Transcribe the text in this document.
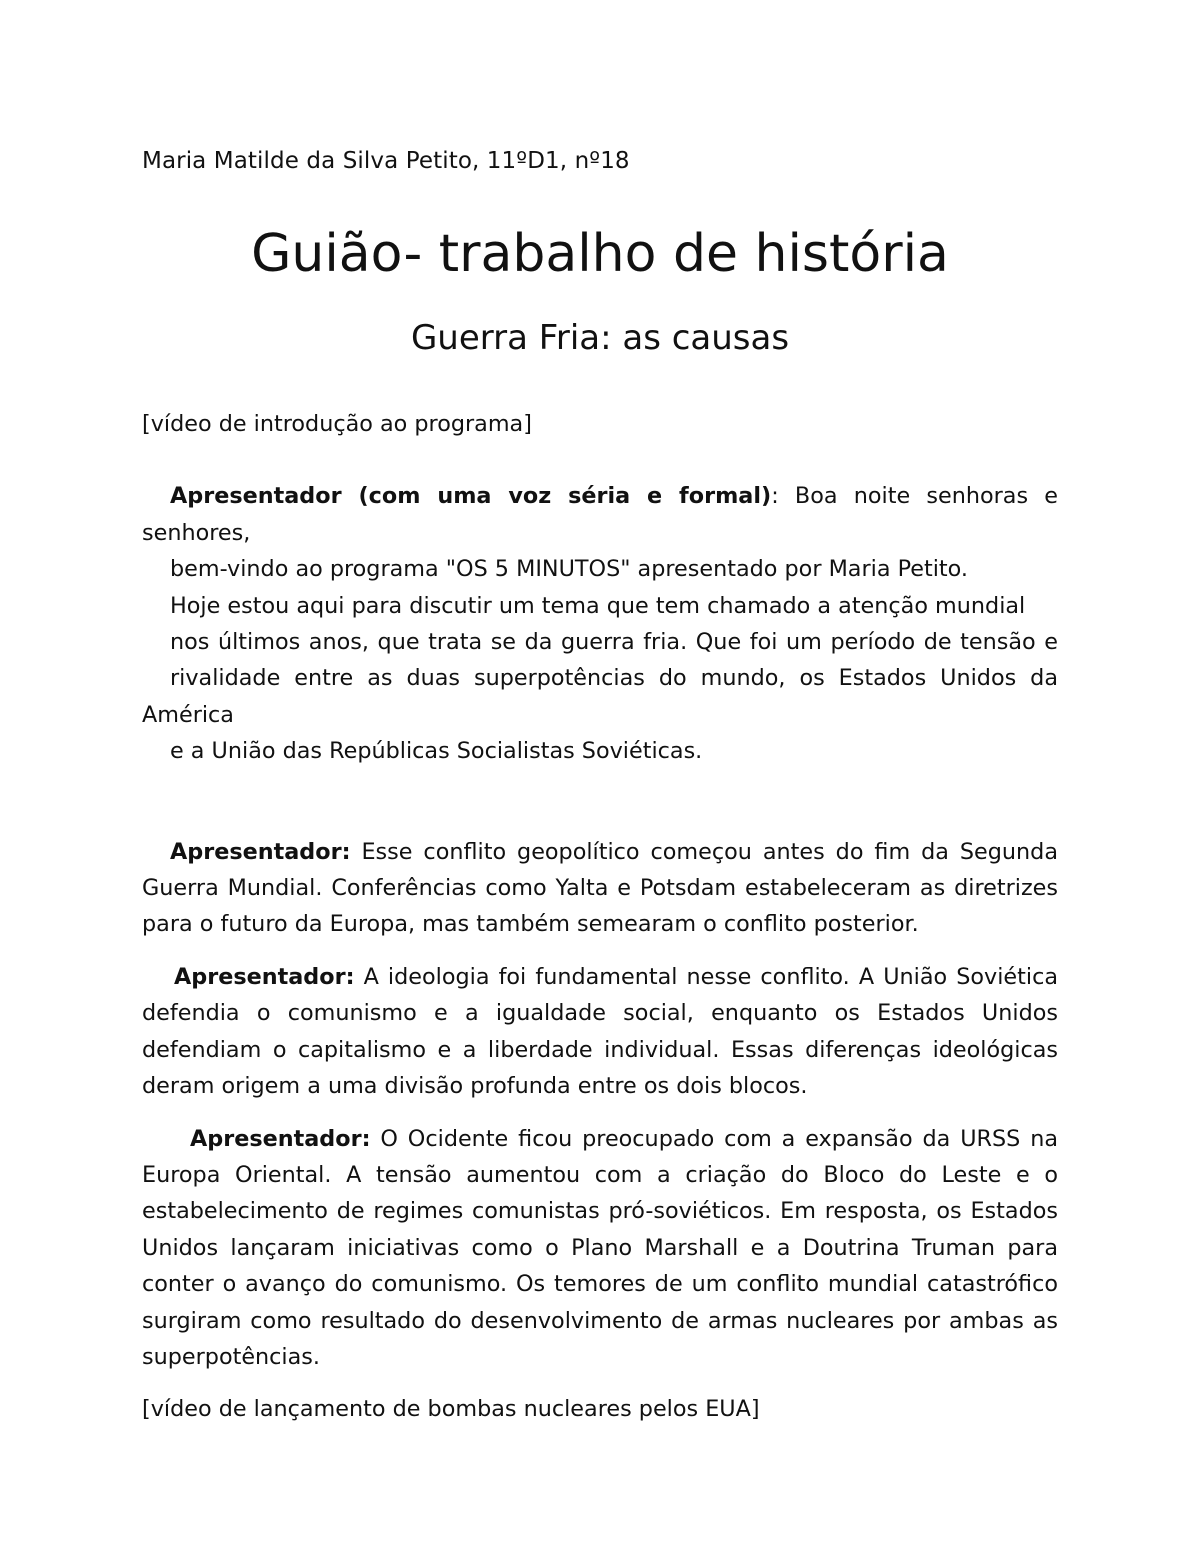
Maria Matilde da Silva Petito, 11ºD1, nº18
Guião- trabalho de história
Guerra Fria: as causas

[vídeo de introdução ao programa]

Apresentador (com uma voz séria e formal): Boa noite senhoras e senhores,
bem-vindo ao programa "OS 5 MINUTOS" apresentado por Maria Petito.
Hoje estou aqui para discutir um tema que tem chamado a atenção mundial
nos últimos anos, que trata se da guerra fria. Que foi um período de tensão e
rivalidade entre as duas superpotências do mundo, os Estados Unidos da América
e a União das Repúblicas Socialistas Soviéticas.

Apresentador: Esse conflito geopolítico começou antes do fim da Segunda Guerra Mundial. Conferências como Yalta e Potsdam estabeleceram as diretrizes para o futuro da Europa, mas também semearam o conflito posterior.

Apresentador: A ideologia foi fundamental nesse conflito. A União Soviética defendia o comunismo e a igualdade social, enquanto os Estados Unidos defendiam o capitalismo e a liberdade individual. Essas diferenças ideológicas deram origem a uma divisão profunda entre os dois blocos.

Apresentador: O Ocidente ficou preocupado com a expansão da URSS na Europa Oriental. A tensão aumentou com a criação do Bloco do Leste e o estabelecimento de regimes comunistas pró-soviéticos. Em resposta, os Estados Unidos lançaram iniciativas como o Plano Marshall e a Doutrina Truman para conter o avanço do comunismo. Os temores de um conflito mundial catastrófico surgiram como resultado do desenvolvimento de armas nucleares por ambas as superpotências.

[vídeo de lançamento de bombas nucleares pelos EUA]
